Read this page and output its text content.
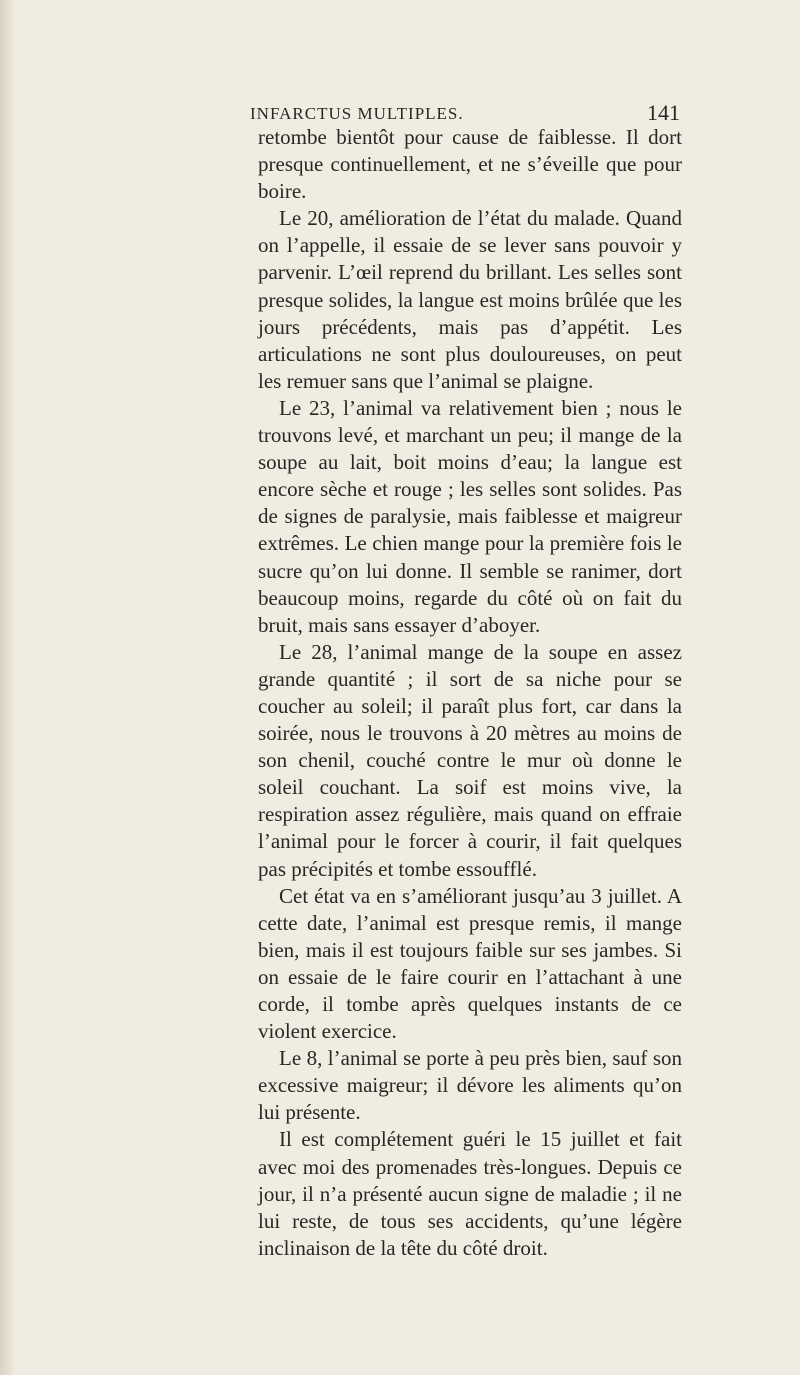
INFARCTUS MULTIPLES.	141

retombe bientôt pour cause de faiblesse. Il dort presque continuellement, et ne s’éveille que pour boire.

Le 20, amélioration de l’état du malade. Quand on l’appelle, il essaie de se lever sans pouvoir y parvenir. L’œil reprend du brillant. Les selles sont presque solides, la langue est moins brûlée que les jours précédents, mais pas d’appétit. Les articulations ne sont plus douloureuses, on peut les remuer sans que l’animal se plaigne.

Le 23, l’animal va relativement bien ; nous le trouvons levé, et marchant un peu; il mange de la soupe au lait, boit moins d’eau; la langue est encore sèche et rouge ; les selles sont solides. Pas de signes de paralysie, mais faiblesse et maigreur extrêmes. Le chien mange pour la première fois le sucre qu’on lui donne. Il semble se ranimer, dort beaucoup moins, regarde du côté où on fait du bruit, mais sans essayer d’aboyer.

Le 28, l’animal mange de la soupe en assez grande quantité ; il sort de sa niche pour se coucher au soleil; il paraît plus fort, car dans la soirée, nous le trouvons à 20 mètres au moins de son chenil, couché contre le mur où donne le soleil couchant. La soif est moins vive, la respiration assez régulière, mais quand on effraie l’animal pour le forcer à courir, il fait quelques pas précipités et tombe essoufflé.

Cet état va en s’améliorant jusqu’au 3 juillet. A cette date, l’animal est presque remis, il mange bien, mais il est toujours faible sur ses jambes. Si on essaie de le faire courir en l’attachant à une corde, il tombe après quelques instants de ce violent exercice.

Le 8, l’animal se porte à peu près bien, sauf son excessive maigreur; il dévore les aliments qu’on lui présente.

Il est complétement guéri le 15 juillet et fait avec moi des promenades très-longues. Depuis ce jour, il n’a présenté aucun signe de maladie ; il ne lui reste, de tous ses accidents, qu’une légère inclinaison de la tête du côté droit.
